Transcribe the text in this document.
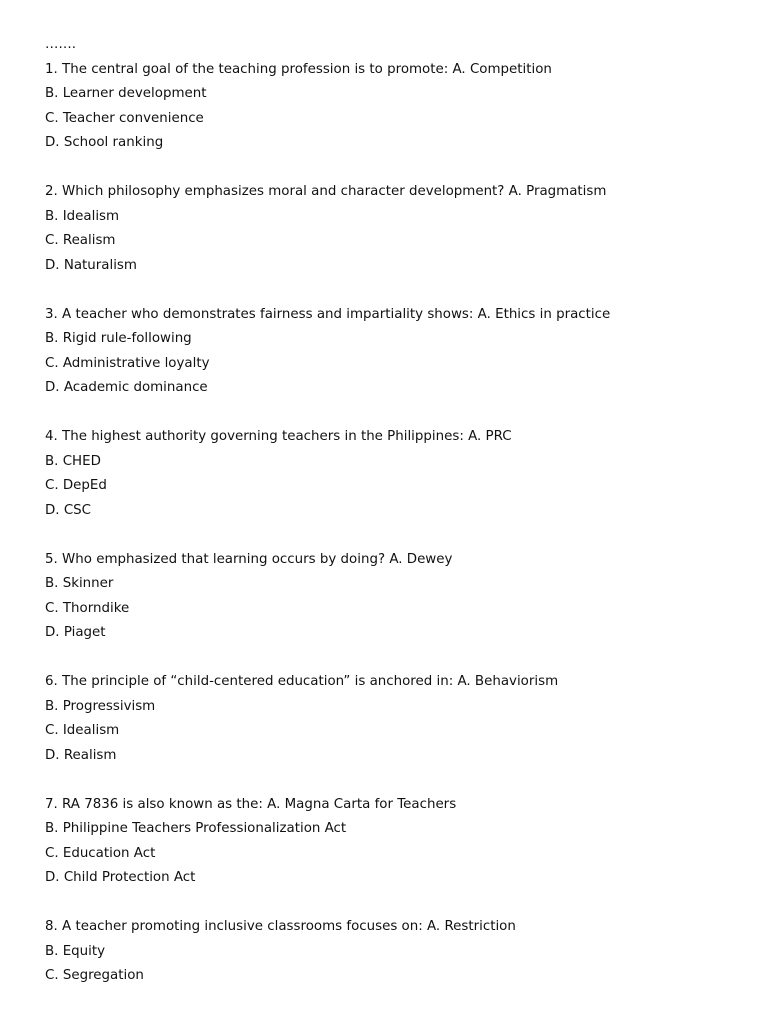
…….
1. The central goal of the teaching profession is to promote: A. Competition
B. Learner development
C. Teacher convenience
D. School ranking
2. Which philosophy emphasizes moral and character development? A. Pragmatism
B. Idealism
C. Realism
D. Naturalism
3. A teacher who demonstrates fairness and impartiality shows: A. Ethics in practice
B. Rigid rule-following
C. Administrative loyalty
D. Academic dominance
4. The highest authority governing teachers in the Philippines: A. PRC
B. CHED
C. DepEd
D. CSC
5. Who emphasized that learning occurs by doing? A. Dewey
B. Skinner
C. Thorndike
D. Piaget
6. The principle of “child-centered education” is anchored in: A. Behaviorism
B. Progressivism
C. Idealism
D. Realism
7. RA 7836 is also known as the: A. Magna Carta for Teachers
B. Philippine Teachers Professionalization Act
C. Education Act
D. Child Protection Act
8. A teacher promoting inclusive classrooms focuses on: A. Restriction
B. Equity
C. Segregation
